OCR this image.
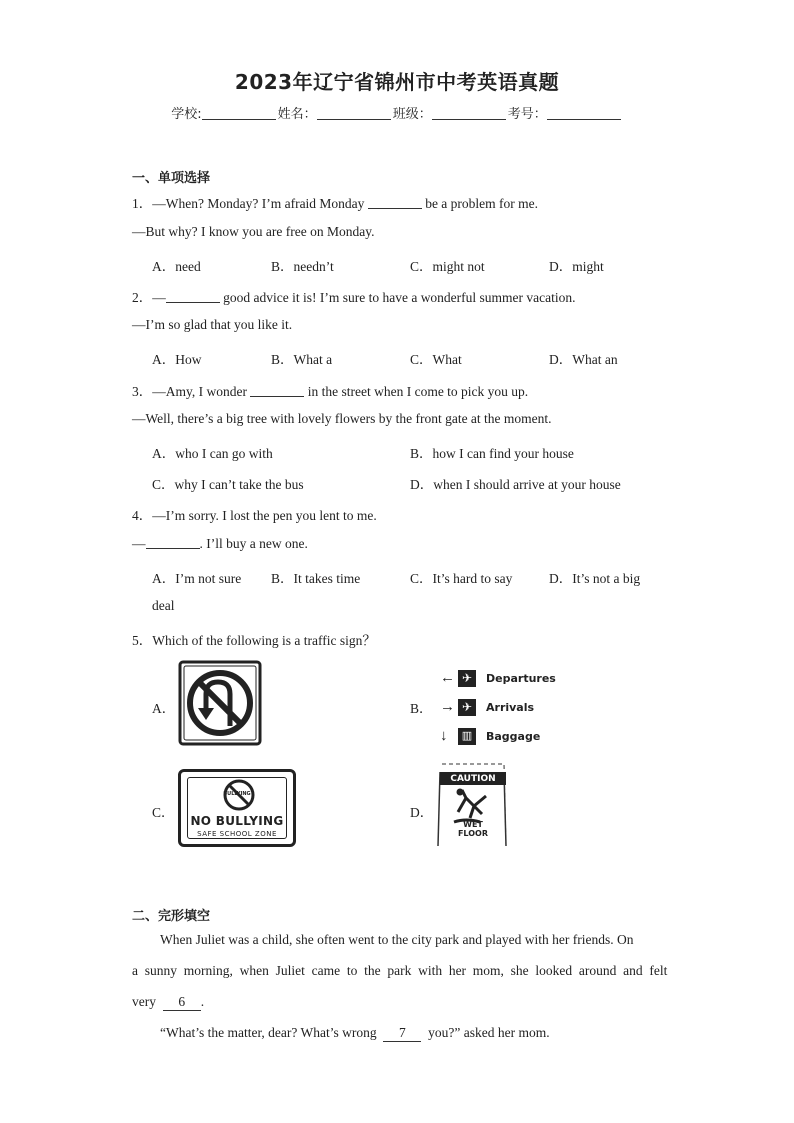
2023年辽宁省锦州市中考英语真题
学校:	姓名：	班级：	考号：
一、单项选择
1．—When? Monday? I’m afraid Monday	be a problem for me.
—But why? I know you are free on Monday.
A．need	B．needn’t	C．might not	D．might
2．—	good advice it is! I’m sure to have a wonderful summer vacation.
—I’m so glad that you like it.
A．How	B．What a	C．What	D．What an
3．—Amy, I wonder	in the street when I come to pick you up.
—Well, there’s a big tree with lovely flowers by the front gate at the moment.
A．who I can go with	B．how I can find your house
C．why I can’t take the bus	D．when I should arrive at your house
4．—I’m sorry. I lost the pen you lent to me.
—	. I’ll buy a new one.
A．I’m not sure B．It takes time	C．It’s hard to say	D．It’s not a big
deal
5．Which of the following is a traffic sign？
A．	B．
C．	D．
← ✈	Departures
→ ✈	Arrivals
↓	▥	Baggage
BULLYING
NO BULLYING
SAFE SCHOOL ZONE
CAUTION
WET
FLOOR
二、完形填空
When Juliet was a child, she often went to the city park and played with her friends. On
a  sunny  morning,  when  Juliet  came  to  the  park  with  her  mom,  she  looked  around  and  felt
very 6 .
“What’s the matter, dear? What’s wrong 7 you?” asked her mom.
